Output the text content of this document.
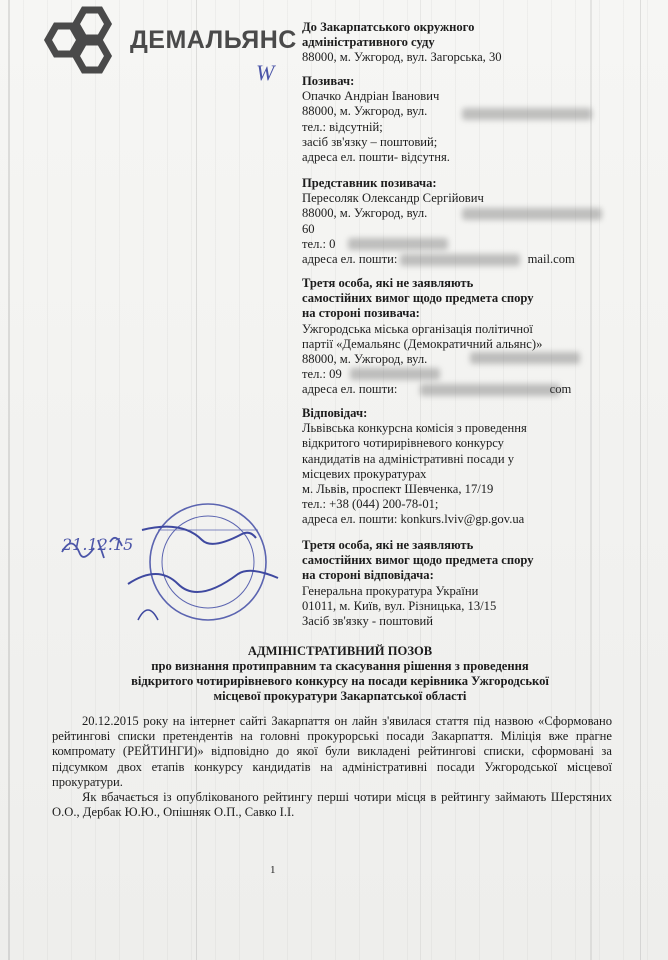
ДЕМАЛЬЯНС
W
До Закарпатського окружного
адміністративного суду
88000, м. Ужгород, вул. Загорська, 30
Позивач:
Опачко Андріан Іванович
88000, м. Ужгород, вул.
тел.: відсутній;
засіб зв'язку – поштовий;
адреса ел. пошти- відсутня.
Представник позивача:
Пересоляк Олександр Сергійович
88000, м. Ужгород, вул.
60
тел.: 0
адреса ел. пошти:	mail.com
Третя особа, які не заявляють
самостійних вимог щодо предмета спору
на стороні позивача:
Ужгородська міська організація політичної
партії «Демальянс (Демократичний альянс)»
88000, м. Ужгород, вул.
тел.: 09
адреса ел. пошти:	com
Відповідач:
Львівська конкурсна комісія з проведення
відкритого чотирирівневого конкурсу
кандидатів на адміністративні посади у
місцевих прокуратурах
м. Львів, проспект Шевченка, 17/19
тел.: +38 (044) 200-78-01;
адреса ел. пошти: konkurs.lviv@gp.gov.ua
Третя особа, які не заявляють
самостійних вимог щодо предмета спору
на стороні відповідача:
Генеральна прокуратура України
01011, м. Київ, вул. Різницька, 13/15
Засіб зв'язку - поштовий
21.12.15
АДМІНІСТРАТИВНИЙ ПОЗОВ
про визнання протиправним та скасування рішення з проведення
відкритого чотирирівневого конкурсу на посади керівника Ужгородської
місцевої прокуратури Закарпатської області

20.12.2015 року на інтернет сайті Закарпаття он лайн з'явилася стаття під назвою «Сформовано рейтингові списки претендентів на головні прокурорські посади Закарпаття. Міліція вже прагне компромату (РЕЙТИНГИ)» відповідно до якої були викладені рейтингові списки, сформовані за підсумком двох етапів конкурсу кандидатів на адміністративні посади Ужгородської місцевої прокуратури.

Як вбачається із опублікованого рейтингу перші чотири місця в рейтингу займають Шерстяних О.О., Дербак Ю.Ю., Опішняк О.П., Савко І.І.

1
